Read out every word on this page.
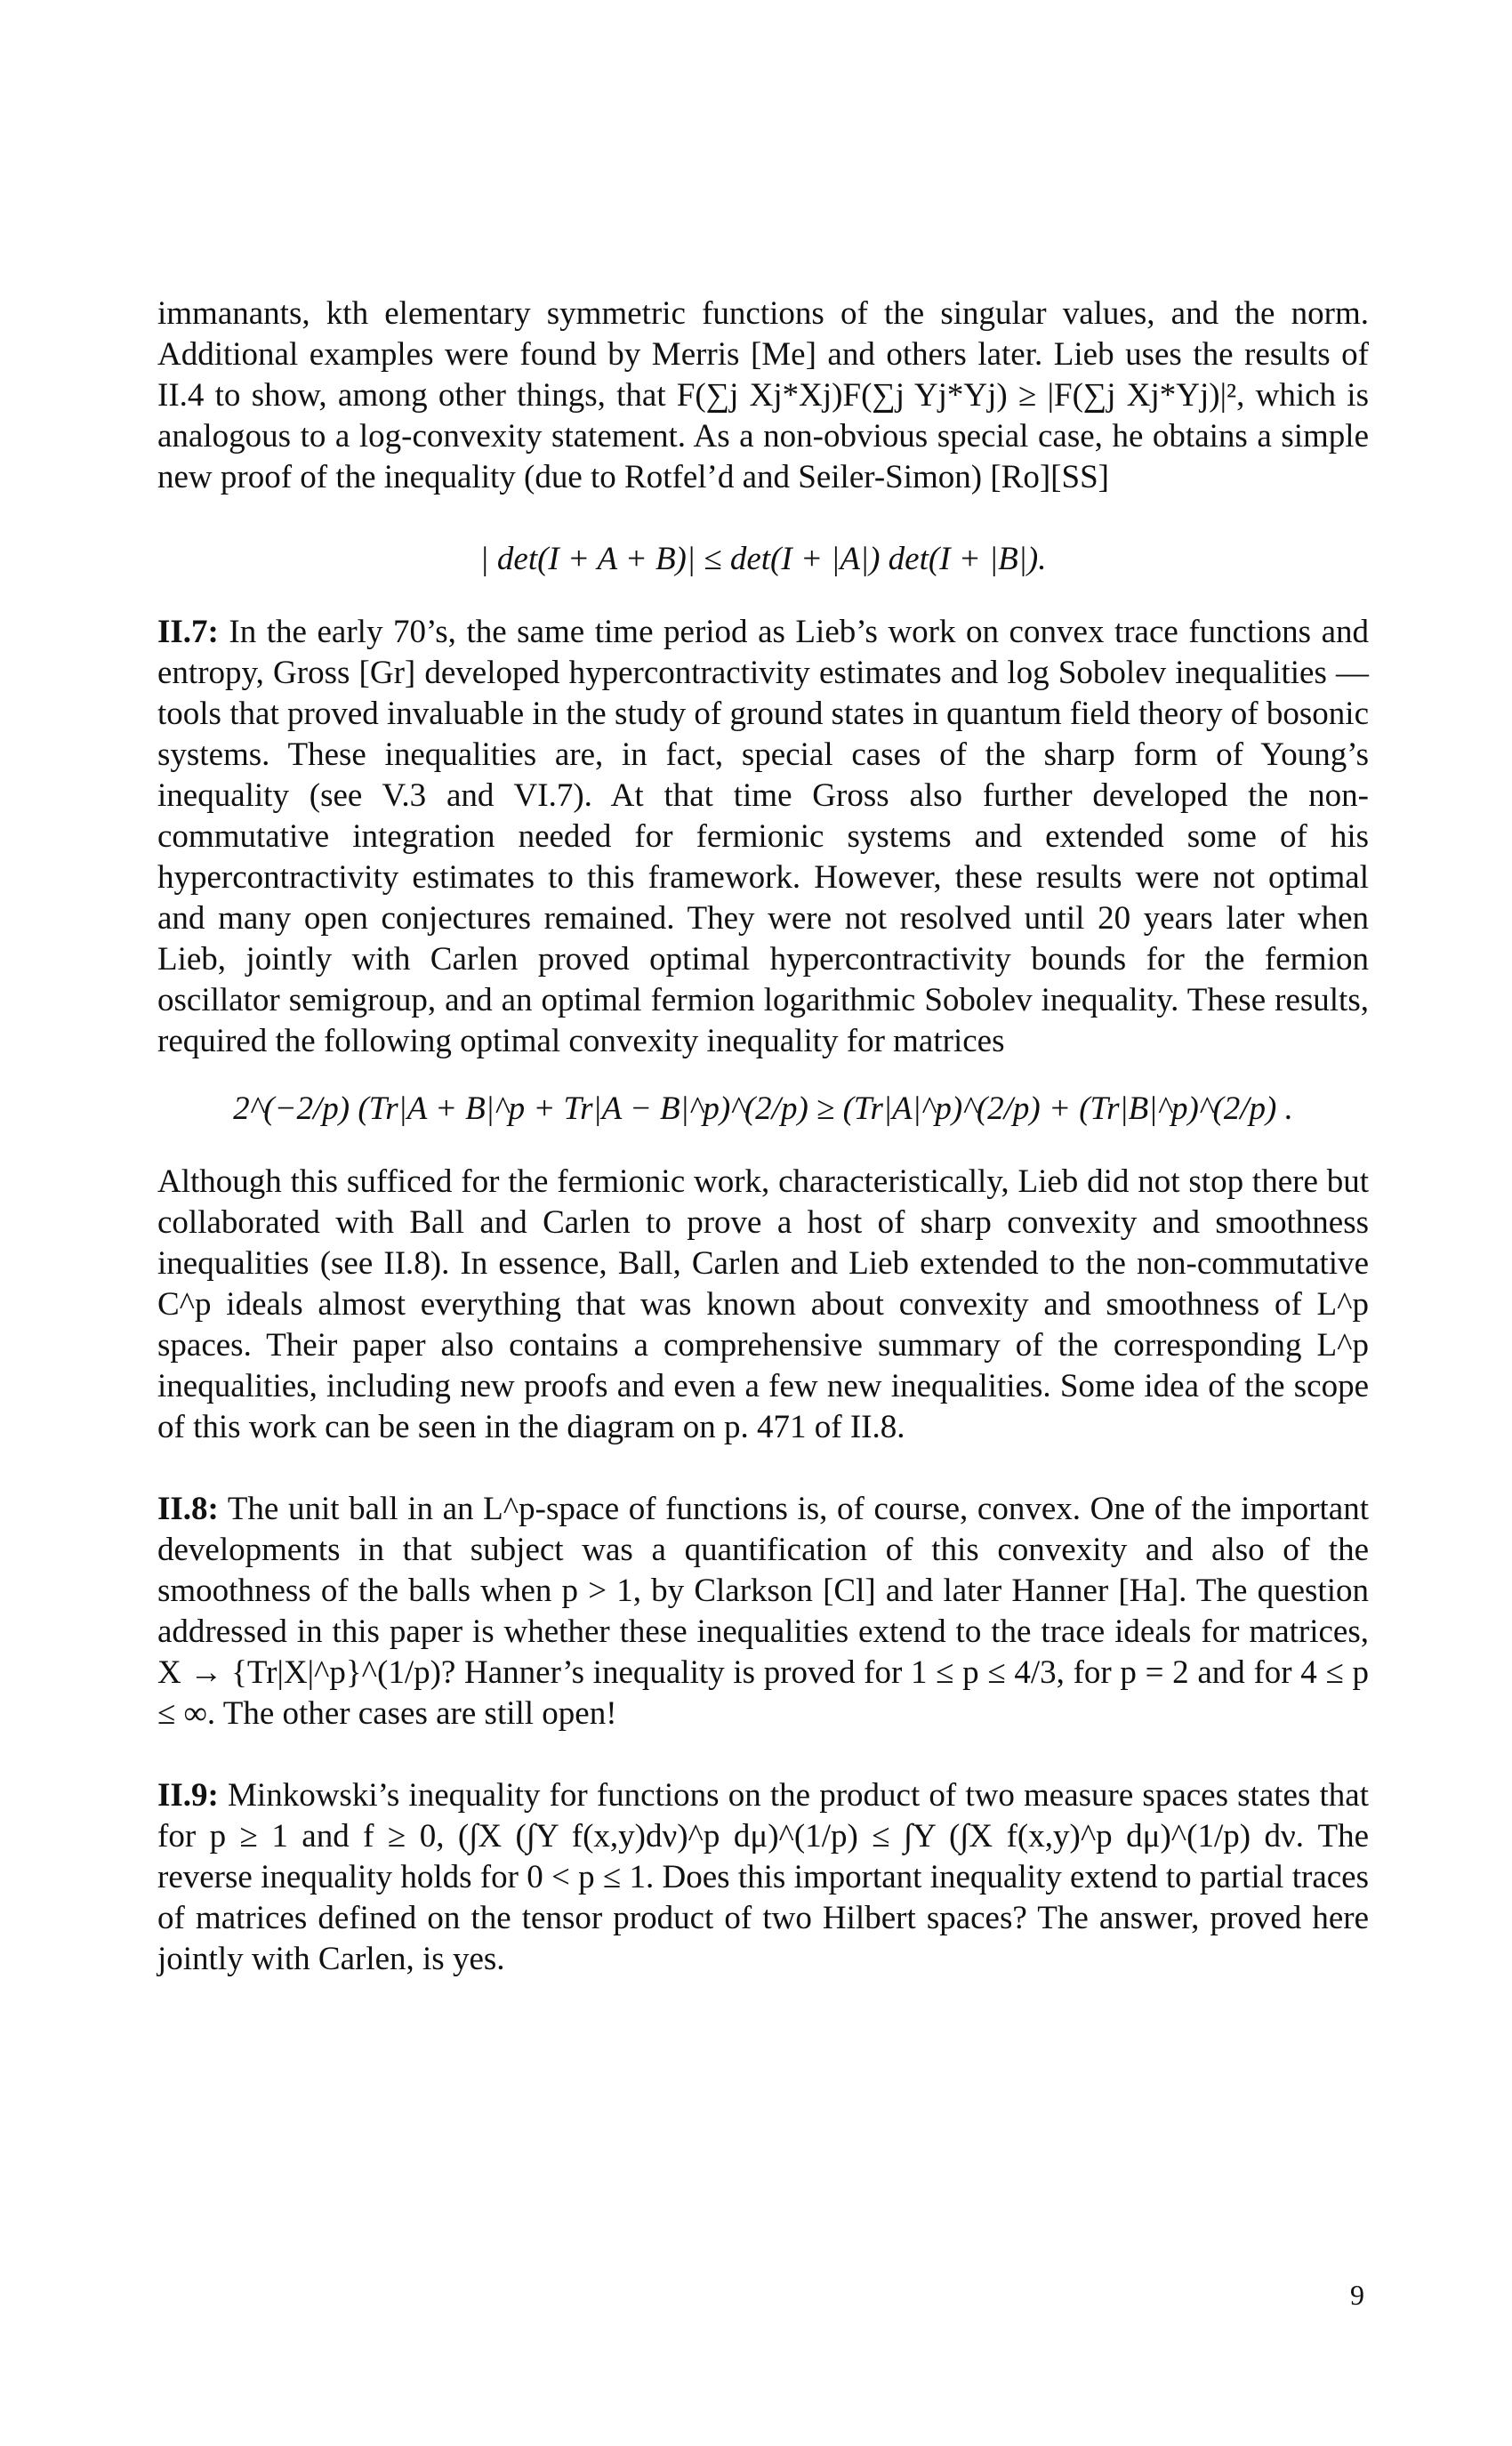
immanants, kth elementary symmetric functions of the singular values, and the norm. Additional examples were found by Merris [Me] and others later. Lieb uses the results of II.4 to show, among other things, that F(∑j Xj*Xj)F(∑j Yj*Yj) ≥ |F(∑j Xj*Yj)|², which is analogous to a log-convexity statement. As a non-obvious special case, he obtains a simple new proof of the inequality (due to Rotfel’d and Seiler-Simon) [Ro][SS]

| det(I + A + B)| ≤ det(I + |A|) det(I + |B|).

II.7: In the early 70’s, the same time period as Lieb’s work on convex trace functions and entropy, Gross [Gr] developed hypercontractivity estimates and log Sobolev inequalities — tools that proved invaluable in the study of ground states in quantum field theory of bosonic systems. These inequalities are, in fact, special cases of the sharp form of Young’s inequality (see V.3 and VI.7). At that time Gross also further developed the non-commutative integration needed for fermionic systems and extended some of his hypercontractivity estimates to this framework. However, these results were not optimal and many open conjectures remained. They were not resolved until 20 years later when Lieb, jointly with Carlen proved optimal hypercontractivity bounds for the fermion oscillator semigroup, and an optimal fermion logarithmic Sobolev inequality. These results, required the following optimal convexity inequality for matrices

2^(−2/p) (Tr|A + B|^p + Tr|A − B|^p)^(2/p) ≥ (Tr|A|^p)^(2/p) + (Tr|B|^p)^(2/p) .

Although this sufficed for the fermionic work, characteristically, Lieb did not stop there but collaborated with Ball and Carlen to prove a host of sharp convexity and smoothness inequalities (see II.8). In essence, Ball, Carlen and Lieb extended to the non-commutative C^p ideals almost everything that was known about convexity and smoothness of L^p spaces. Their paper also contains a comprehensive summary of the corresponding L^p inequalities, including new proofs and even a few new inequalities. Some idea of the scope of this work can be seen in the diagram on p. 471 of II.8.

II.8: The unit ball in an L^p-space of functions is, of course, convex. One of the important developments in that subject was a quantification of this convexity and also of the smoothness of the balls when p > 1, by Clarkson [Cl] and later Hanner [Ha]. The question addressed in this paper is whether these inequalities extend to the trace ideals for matrices, X → {Tr|X|^p}^(1/p)? Hanner’s inequality is proved for 1 ≤ p ≤ 4/3, for p = 2 and for 4 ≤ p ≤ ∞. The other cases are still open!

II.9: Minkowski’s inequality for functions on the product of two measure spaces states that for p ≥ 1 and f ≥ 0, (∫X (∫Y f(x,y)dν)^p dμ)^(1/p) ≤ ∫Y (∫X f(x,y)^p dμ)^(1/p) dν. The reverse inequality holds for 0 < p ≤ 1. Does this important inequality extend to partial traces of matrices defined on the tensor product of two Hilbert spaces? The answer, proved here jointly with Carlen, is yes.

9
